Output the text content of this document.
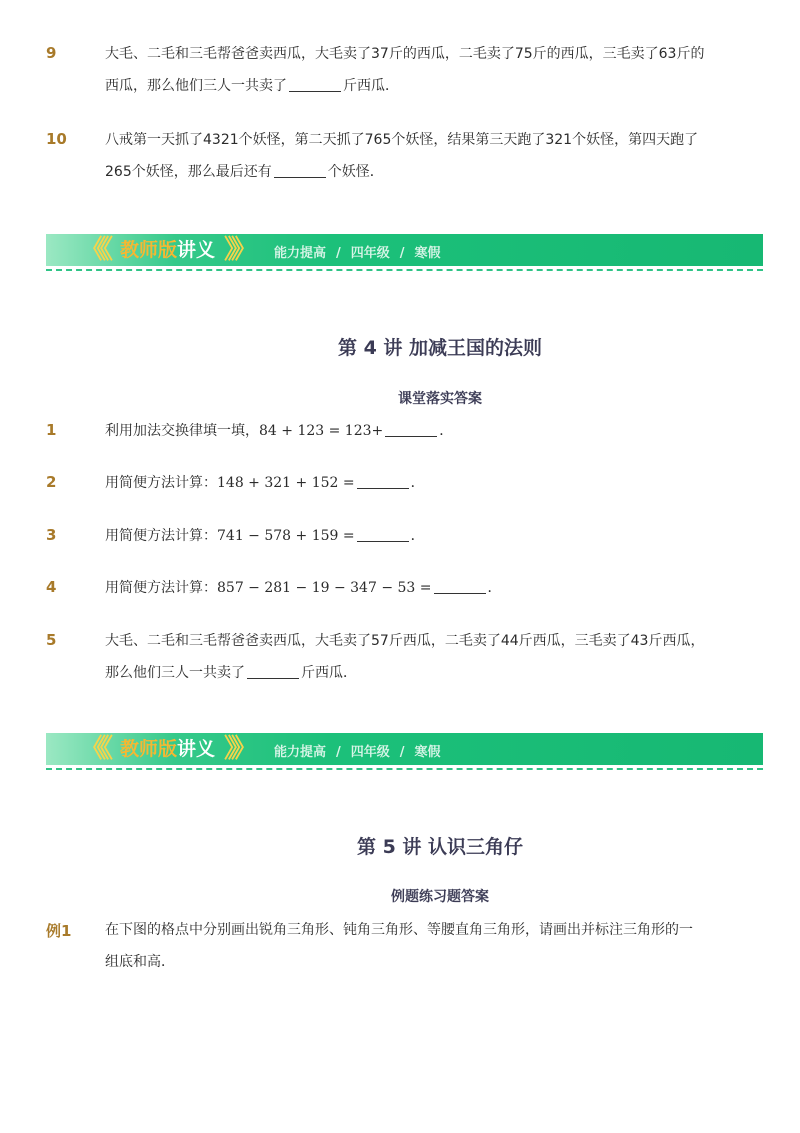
9	大毛、二毛和三毛帮爸爸卖西瓜，大毛卖了37斤的西瓜，二毛卖了75斤的西瓜，三毛卖了63斤的
西瓜，那么他们三人一共卖了	斤西瓜．
10	八戒第一天抓了4321个妖怪，第二天抓了765个妖怪，结果第三天跑了321个妖怪，第四天跑了
265个妖怪，那么最后还有	个妖怪．
《《 教师版讲义 》》	能力提高 / 四年级 / 寒假
第 4 讲 加减王国的法则
课堂落实答案
1	利用加法交换律填一填，84 + 123 = 123+	．
2	用简便方法计算：148 + 321 + 152 =	．
3	用简便方法计算：741 − 578 + 159 =	．
4	用简便方法计算：857 − 281 − 19 − 347 − 53 =	．
5	大毛、二毛和三毛帮爸爸卖西瓜，大毛卖了57斤西瓜，二毛卖了44斤西瓜，三毛卖了43斤西瓜，
那么他们三人一共卖了	斤西瓜．
《《 教师版讲义 》》	能力提高 / 四年级 / 寒假
第 5 讲 认识三角仔
例题练习题答案
例1 在下图的格点中分别画出锐角三角形、钝角三角形、等腰直角三角形，请画出并标注三角形的一
组底和高．
